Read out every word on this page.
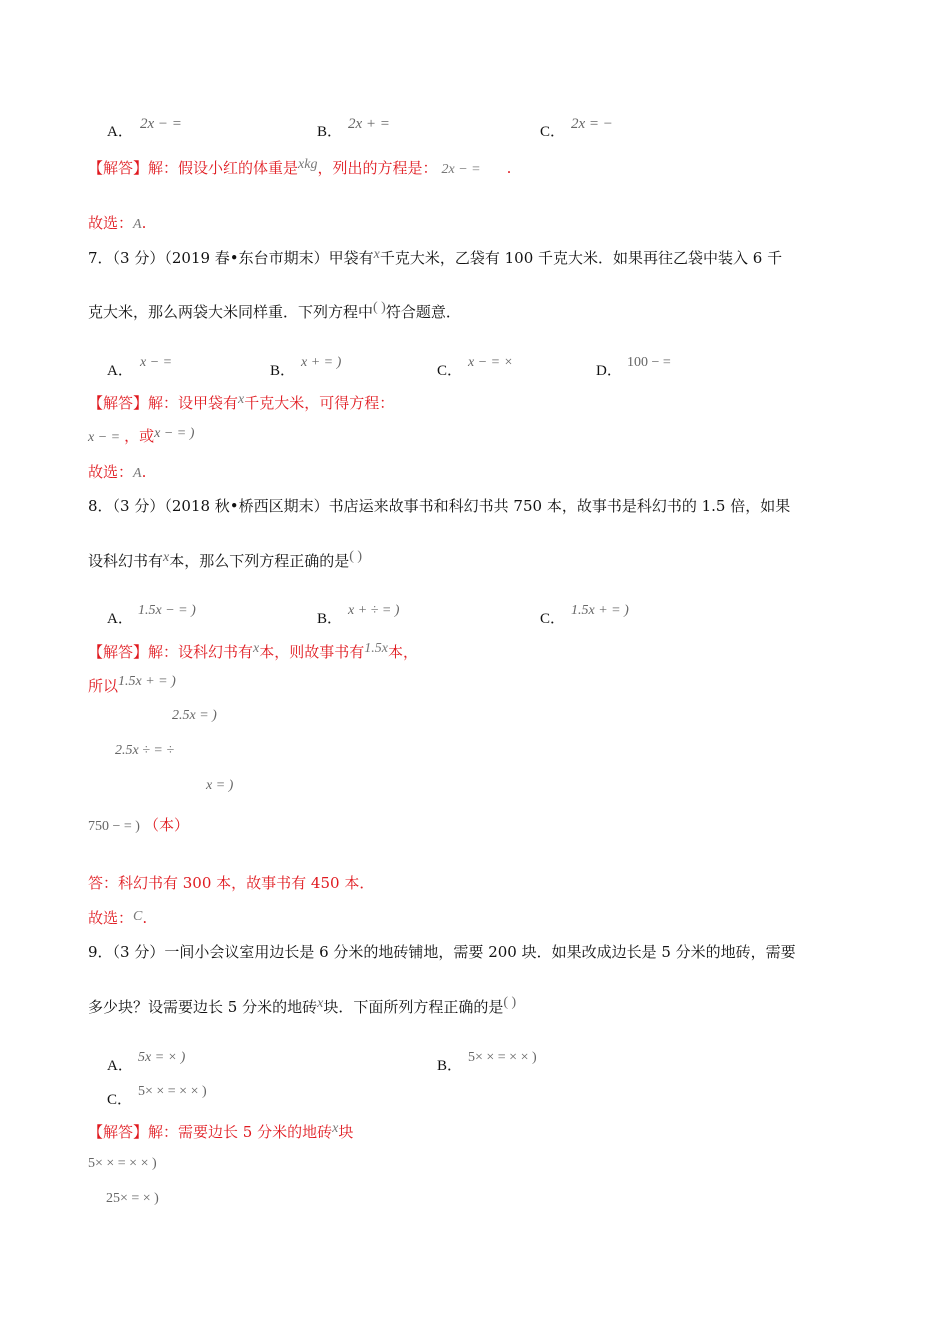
A． 2x − =	B． 2x + =	C． 2x = −
【解答】解：假设小红的体重是xkg，列出的方程是： 2x − = .
故选：A.
7．（3 分）（2019 春•东台市期末）甲袋有x千克大米，乙袋有 100 千克大米．如果再往乙袋中装入 6 千
克大米，那么两袋大米同样重．下列方程中( )符合题意．
A．
x − =
B．
x + = )
C．
x − = ×
D．
100 − =
【解答】解：设甲袋有x千克大米，可得方程：
x − = ，或x − = )
故选：A.
8．（3 分）（2018 秋•桥西区期末）书店运来故事书和科幻书共 750 本，故事书是科幻书的 1.5 倍，如果
设科幻书有x本，那么下列方程正确的是( )
A．
1.5x − = )
B．
x + ÷ = )
C．
1.5x + = )
【解答】解：设科幻书有x本，则故事书有1.5x本，
所以1.5x + = )
2.5x = )
2.5x ÷ = ÷
x = )
750 − = ) （本）
答：科幻书有 300 本，故事书有 450 本．
故选：C.
9．（3 分）一间小会议室用边长是 6 分米的地砖铺地，需要 200 块．如果改成边长是 5 分米的地砖，需要
多少块？设需要边长 5 分米的地砖x块．下面所列方程正确的是( )
A．
5x = × )
B．
5× × = × × )
C．
5× × = × × )
【解答】解：需要边长 5 分米的地砖x块
5× × = × × )
25× = × )
